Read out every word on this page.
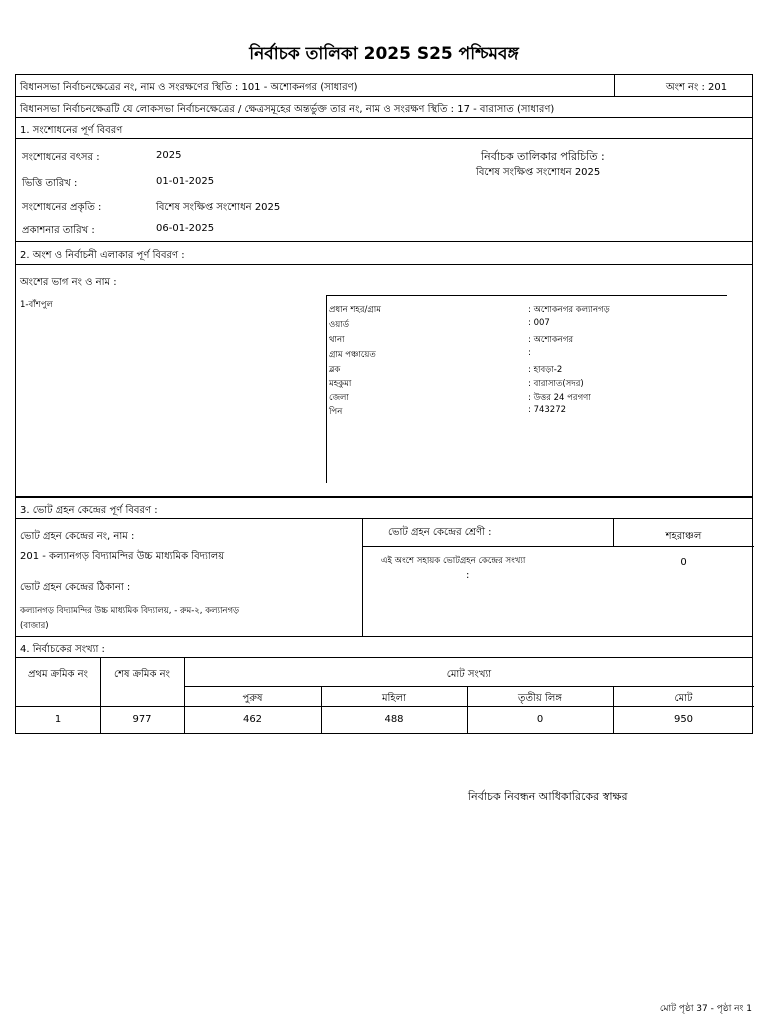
নির্বাচক তালিকা 2025 S25 পশ্চিমবঙ্গ
বিধানসভা নির্বাচনক্ষেত্রের নং, নাম ও সংরক্ষণের স্থিতি : 101 - অশোকনগর (সাধারণ)	অংশ নং : 201
বিধানসভা নির্বাচনক্ষেত্রটি যে লোকসভা নির্বাচনক্ষেত্রের / ক্ষেত্রসমূহের অন্তর্ভুক্ত তার নং, নাম ও সংরক্ষণ স্থিতি : 17 - বারাসাত (সাধারণ)
1. সংশোধনের পূর্ণ বিবরণ
সংশোধনের বৎসর :	2025
ভিত্তি তারিখ :	01-01-2025
সংশোধনের প্রকৃতি :	বিশেষ সংক্ষিপ্ত সংশোধন 2025
প্রকাশনার তারিখ :	06-01-2025
নির্বাচক তালিকার পরিচিতি :
বিশেষ সংক্ষিপ্ত সংশোধন 2025
2. অংশ ও নির্বাচনী এলাকার পূর্ণ বিবরণ :
অংশের ভাগ নং ও নাম :
1-বাঁশপুল	প্রধান শহর/গ্রাম	: অশোকনগর কল্যানগড়
ওয়ার্ড	: 007
থানা	: অশোকনগর
গ্রাম পঞ্চায়েত	:
ব্লক	: হাবড়া-2
মহকুমা	: বারাসাত(সদর)
জেলা	: উত্তর 24 পরগণা
পিন	: 743272
3. ভোট গ্রহন কেন্দ্রের পূর্ণ বিবরণ :
ভোট গ্রহন কেন্দ্রের নং, নাম :
201 - কল্যানগড় বিদ্যামন্দির উচ্চ মাধ্যমিক বিদ্যালয়
ভোট গ্রহন কেন্দ্রের ঠিকানা :
কল্যানগড় বিদ্যামন্দির উচ্চ মাধ্যমিক বিদ্যালয়, - রুম-২, কল্যানগড়
(বাজার)
ভোট গ্রহন কেন্দ্রের শ্রেণী :	শহরাঞ্চল
এই অংশে সহায়ক ভোটগ্রহন কেন্দ্রের সংখ্যা
:
0
4. নির্বাচকের সংখ্যা :
প্রথম ক্রমিক নং	শেষ ক্রমিক নং	মোট সংখ্যা
পুরুষ	মহিলা	তৃতীয় লিঙ্গ	মোট
1	977	462	488	0	950
নির্বাচক নিবন্ধন আধিকারিকের স্বাক্ষর
মোট পৃষ্ঠা 37 - পৃষ্ঠা নং 1
